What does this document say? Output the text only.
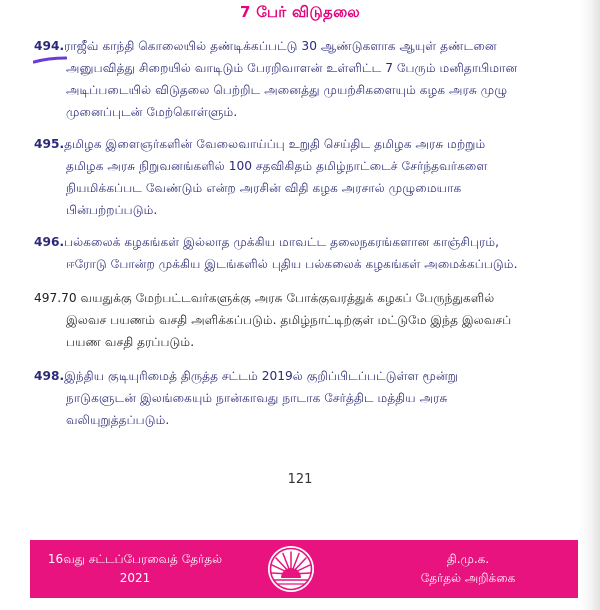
7 பேர் விடுதலை
494.ராஜீவ் காந்தி கொலையில் தண்டிக்கப்பட்டு 30 ஆண்டுகளாக ஆயுள் தண்டனை
அனுபவித்து சிறையில் வாடிடும் பேரறிவாளன் உள்ளிட்ட 7 பேரும் மனிதாபிமான
அடிப்படையில் விடுதலை பெற்றிட அனைத்து முயற்சிகளையும் கழக அரசு முழு
முனைப்புடன் மேற்கொள்ளும்.
495.தமிழக இளைஞர்களின் வேலைவாய்ப்பு உறுதி செய்திட தமிழக அரசு மற்றும்
தமிழக அரசு நிறுவனங்களில் 100 சதவிகிதம் தமிழ்நாட்டைச் சேர்ந்தவர்களை
நியமிக்கப்பட வேண்டும் என்ற அரசின் விதி கழக அரசால் முழுமையாக
பின்பற்றப்படும்.
496.பல்கலைக் கழகங்கள் இல்லாத முக்கிய மாவட்ட தலைநகரங்களான காஞ்சிபுரம்,
ஈரோடு போன்ற முக்கிய இடங்களில் புதிய பல்கலைக் கழகங்கள் அமைக்கப்படும்.
497.70 வயதுக்கு மேற்பட்டவர்களுக்கு அரசு போக்குவரத்துக் கழகப் பேருந்துகளில்
இலவச பயணம் வசதி அளிக்கப்படும். தமிழ்நாட்டிற்குள் மட்டுமே இந்த இலவசப்
பயண வசதி தரப்படும்.
498.இந்திய குடியுரிமைத் திருத்த சட்டம் 2019ல் குறிப்பிடப்பட்டுள்ள மூன்று
நாடுகளுடன் இலங்கையும் நான்காவது நாடாக சேர்த்திட மத்திய அரசு
வலியுறுத்தப்படும்.
121
16வது சட்டப்பேரவைத் தேர்தல்
2021
தி.மு.க.
தேர்தல் அறிக்கை
